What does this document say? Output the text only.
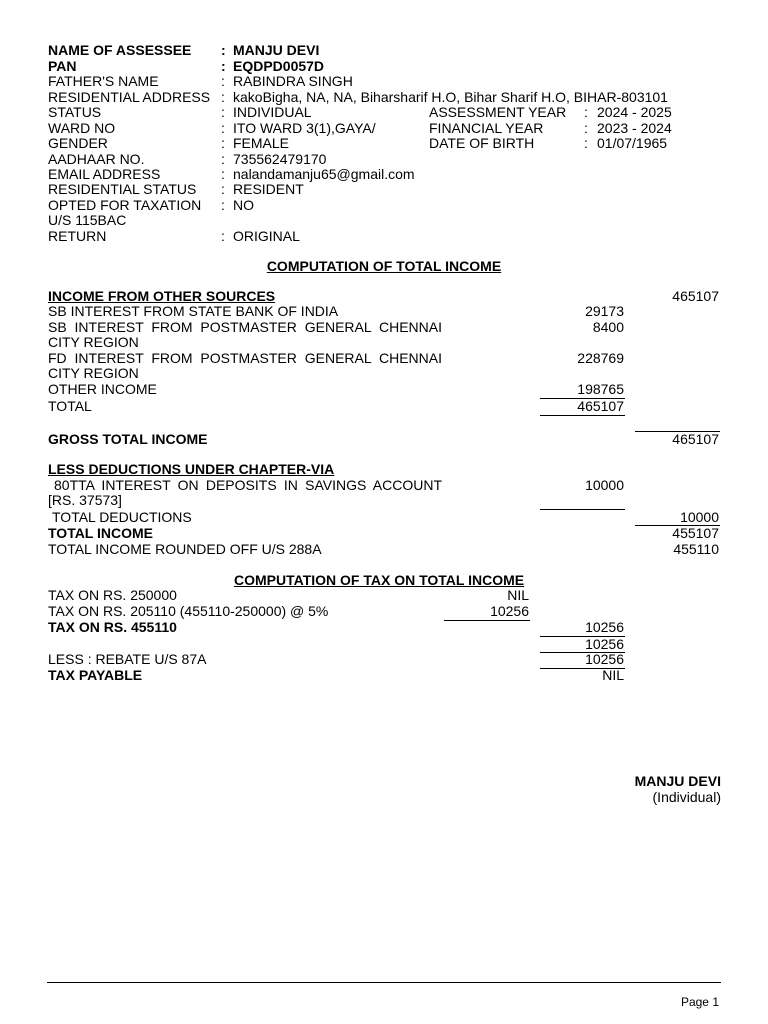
NAME OF ASSESSEE : MANJU DEVI
PAN	: EQDPD0057D
FATHER'S NAME	: RABINDRA SINGH
RESIDENTIAL ADDRESS : kakoBigha, NA, NA, Biharsharif H.O, Bihar Sharif H.O, BIHAR-803101
STATUS	: INDIVIDUAL	ASSESSMENT YEAR : 2024 - 2025
WARD NO	: ITO WARD 3(1),GAYA/	FINANCIAL YEAR	: 2023 - 2024
GENDER	: FEMALE	DATE OF BIRTH	: 01/07/1965
AADHAAR NO.	: 735562479170
EMAIL ADDRESS	: nalandamanju65@gmail.com
RESIDENTIAL STATUS : RESIDENT
OPTED FOR TAXATION : NO
U/S 115BAC
RETURN	: ORIGINAL
COMPUTATION OF TOTAL INCOME
INCOME FROM OTHER SOURCES	465107
SB INTEREST FROM STATE BANK OF INDIA	29173
SB INTEREST FROM POSTMASTER GENERAL CHENNAI	8400
CITY REGION
FD INTEREST FROM POSTMASTER GENERAL CHENNAI	228769
CITY REGION
OTHER INCOME	198765
TOTAL	465107
GROSS TOTAL INCOME	465107
LESS DEDUCTIONS UNDER CHAPTER-VIA
80TTA INTEREST ON DEPOSITS IN SAVINGS ACCOUNT	10000
[RS. 37573]
TOTAL DEDUCTIONS	10000
TOTAL INCOME	455107
TOTAL INCOME ROUNDED OFF U/S 288A	455110
COMPUTATION OF TAX ON TOTAL INCOME
TAX ON RS. 250000	NIL
TAX ON RS. 205110 (455110-250000) @ 5%	10256
TAX ON RS. 455110	10256
10256
LESS : REBATE U/S 87A	10256
TAX PAYABLE	NIL
MANJU DEVI
(Individual)
Page 1
